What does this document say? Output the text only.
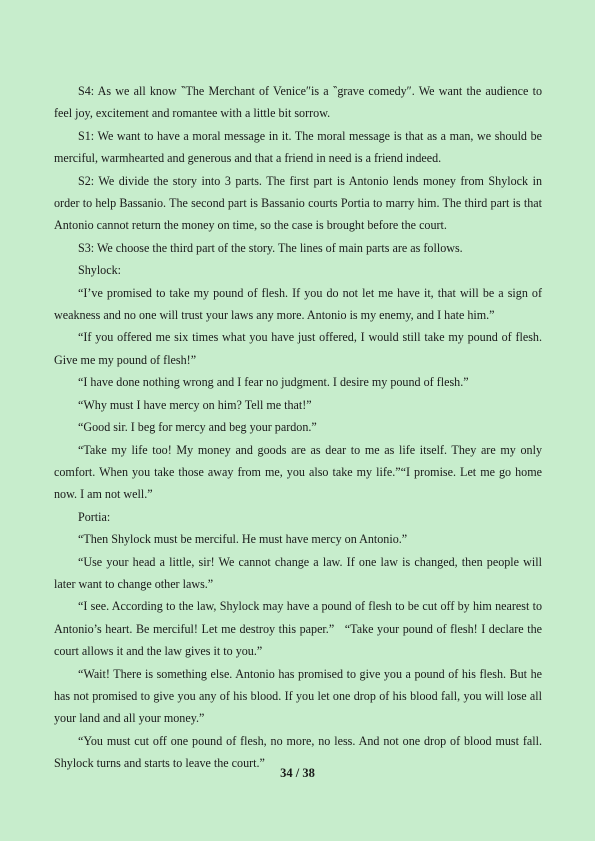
S4: As we all know ‶The Merchant of Venice″is a ‶grave comedy″. We want the audience to feel joy, excitement and romantee with a little bit sorrow.

S1: We want to have a moral message in it. The moral message is that as a man, we should be merciful, warmhearted and generous and that a friend in need is a friend indeed.

S2: We divide the story into 3 parts. The first part is Antonio lends money from Shylock in order to help Bassanio. The second part is Bassanio courts Portia to marry him. The third part is that Antonio cannot return the money on time, so the case is brought before the court.

S3: We choose the third part of the story. The lines of main parts are as follows.

Shylock:

“I’ve promised to take my pound of flesh. If you do not let me have it, that will be a sign of weakness and no one will trust your laws any more. Antonio is my enemy, and I hate him.”

“If you offered me six times what you have just offered, I would still take my pound of flesh. Give me my pound of flesh!”

“I have done nothing wrong and I fear no judgment. I desire my pound of flesh.”

“Why must I have mercy on him? Tell me that!”

“Good sir. I beg for mercy and beg your pardon.”

“Take my life too! My money and goods are as dear to me as life itself. They are my only comfort. When you take those away from me, you also take my life.”“I promise. Let me go home now. I am not well.”

Portia:

“Then Shylock must be merciful. He must have mercy on Antonio.”

“Use your head a little, sir! We cannot change a law. If one law is changed, then people will later want to change other laws.”

“I see. According to the law, Shylock may have a pound of flesh to be cut off by him nearest to Antonio’s heart. Be merciful! Let me destroy this paper.”   “Take your pound of flesh! I declare the court allows it and the law gives it to you.”

“Wait! There is something else. Antonio has promised to give you a pound of his flesh. But he has not promised to give you any of his blood. If you let one drop of his blood fall, you will lose all your land and all your money.”

“You must cut off one pound of flesh, no more, no less. And not one drop of blood must fall. Shylock turns and starts to leave the court.”

34 / 38
